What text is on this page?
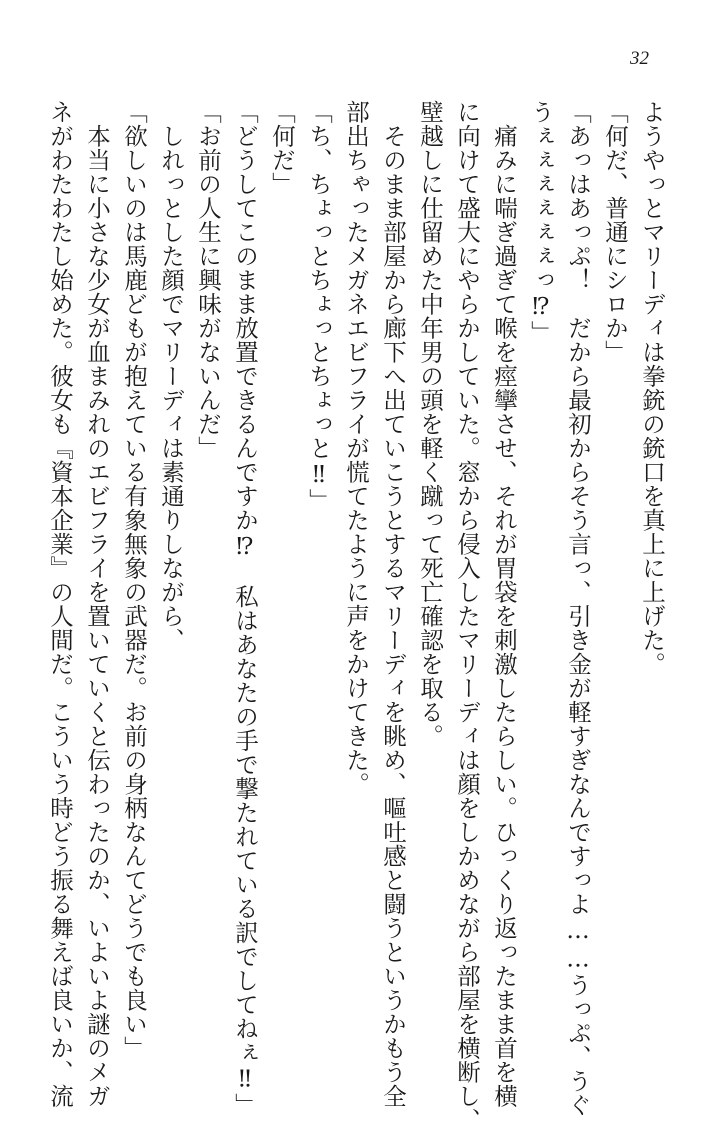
32
ようやっとマリーディは拳銃の銃口を真上に上げた。
「何だ、普通にシロか」
「あっはあっぷ！　だから最初からそう言っ、引き金が軽すぎなんですっよ……うっぷ、うぐ
うぇぇぇぇぇぇっ⁉」
　痛みに喘ぎ過ぎて喉を痙攣させ、それが胃袋を刺激したらしい。ひっくり返ったまま首を横
に向けて盛大にやらかしていた。窓から侵入したマリーディは顔をしかめながら部屋を横断し、
壁越しに仕留めた中年男の頭を軽く蹴って死亡確認を取る。
　そのまま部屋から廊下へ出ていこうとするマリーディを眺め、嘔吐感と闘うというかもう全
部出ちゃったメガネエビフライが慌てたように声をかけてきた。
「ち、ちょっとちょっとちょっと‼」
「何だ」
「どうしてこのまま放置できるんですか⁉　私はあなたの手で撃たれている訳でしてねぇ‼」
「お前の人生に興味がないんだ」
　しれっとした顔でマリーディは素通りしながら、
「欲しいのは馬鹿どもが抱えている有象無象の武器だ。お前の身柄なんてどうでも良い」
　本当に小さな少女が血まみれのエビフライを置いていくと伝わったのか、いよいよ謎のメガ
ネがわたわたし始めた。彼女も『資本企業』の人間だ。こういう時どう振る舞えば良いか、流
